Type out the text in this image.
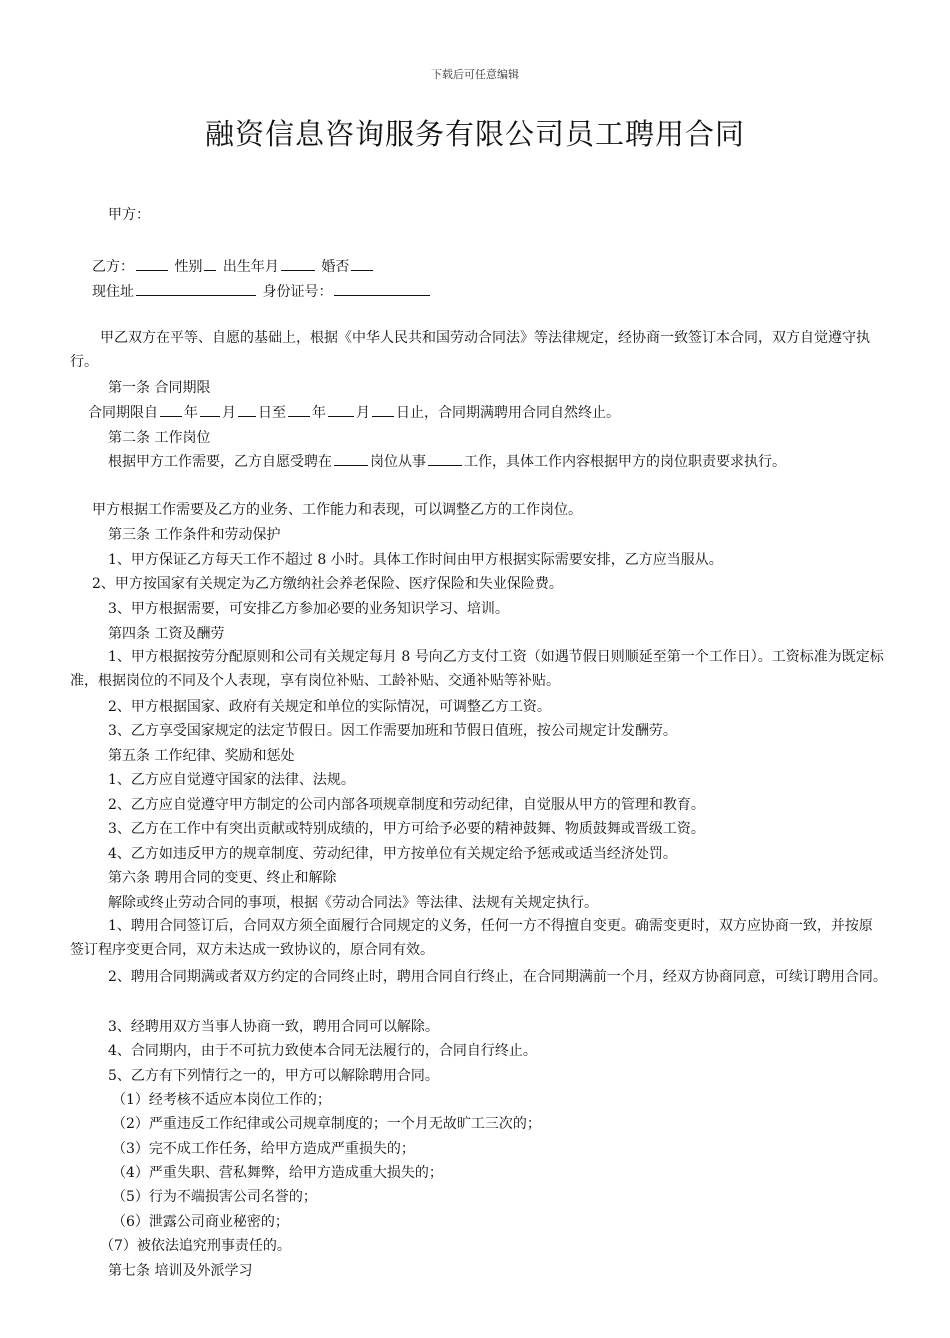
下载后可任意编辑
融资信息咨询服务有限公司员工聘用合同
甲方：
乙方：	性别 出生年月	婚否
现住址	身份证号：
甲乙双方在平等、自愿的基础上，根据《中华人民共和国劳动合同法》等法律规定，经协商一致签订本合同，双方自觉遵守执行。
第一条 合同期限
合同期限自 年 月 日至 年 月 日止，合同期满聘用合同自然终止。
第二条 工作岗位
根据甲方工作需要，乙方自愿受聘在	岗位从事	工作，具体工作内容根据甲方的岗位职责要求执行。
甲方根据工作需要及乙方的业务、工作能力和表现，可以调整乙方的工作岗位。
第三条 工作条件和劳动保护
1、甲方保证乙方每天工作不超过 8 小时。具体工作时间由甲方根据实际需要安排，乙方应当服从。
2、甲方按国家有关规定为乙方缴纳社会养老保险、医疗保险和失业保险费。
3、甲方根据需要，可安排乙方参加必要的业务知识学习、培训。
第四条 工资及酬劳
1、甲方根据按劳分配原则和公司有关规定每月 8 号向乙方支付工资（如遇节假日则顺延至第一个工作日）。工资标准为既定标准，根据岗位的不同及个人表现，享有岗位补贴、工龄补贴、交通补贴等补贴。
2、甲方根据国家、政府有关规定和单位的实际情况，可调整乙方工资。
3、乙方享受国家规定的法定节假日。因工作需要加班和节假日值班，按公司规定计发酬劳。
第五条 工作纪律、奖励和惩处
1、乙方应自觉遵守国家的法律、法规。
2、乙方应自觉遵守甲方制定的公司内部各项规章制度和劳动纪律，自觉服从甲方的管理和教育。
3、乙方在工作中有突出贡献或特别成绩的，甲方可给予必要的精神鼓舞、物质鼓舞或晋级工资。
4、乙方如违反甲方的规章制度、劳动纪律，甲方按单位有关规定给予惩戒或适当经济处罚。
第六条 聘用合同的变更、终止和解除
解除或终止劳动合同的事项，根据《劳动合同法》等法律、法规有关规定执行。
1、聘用合同签订后，合同双方须全面履行合同规定的义务，任何一方不得擅自变更。确需变更时，双方应协商一致，并按原签订程序变更合同，双方未达成一致协议的，原合同有效。
2、聘用合同期满或者双方约定的合同终止时，聘用合同自行终止，在合同期满前一个月，经双方协商同意，可续订聘用合同。
3、经聘用双方当事人协商一致，聘用合同可以解除。
4、合同期内，由于不可抗力致使本合同无法履行的，合同自行终止。
5、乙方有下列情行之一的，甲方可以解除聘用合同。
（1）经考核不适应本岗位工作的；
（2）严重违反工作纪律或公司规章制度的；一个月无故旷工三次的；
（3）完不成工作任务，给甲方造成严重损失的；
（4）严重失职、营私舞弊，给甲方造成重大损失的；
（5）行为不端损害公司名誉的；
（6）泄露公司商业秘密的；
（7）被依法追究刑事责任的。
第七条 培训及外派学习
